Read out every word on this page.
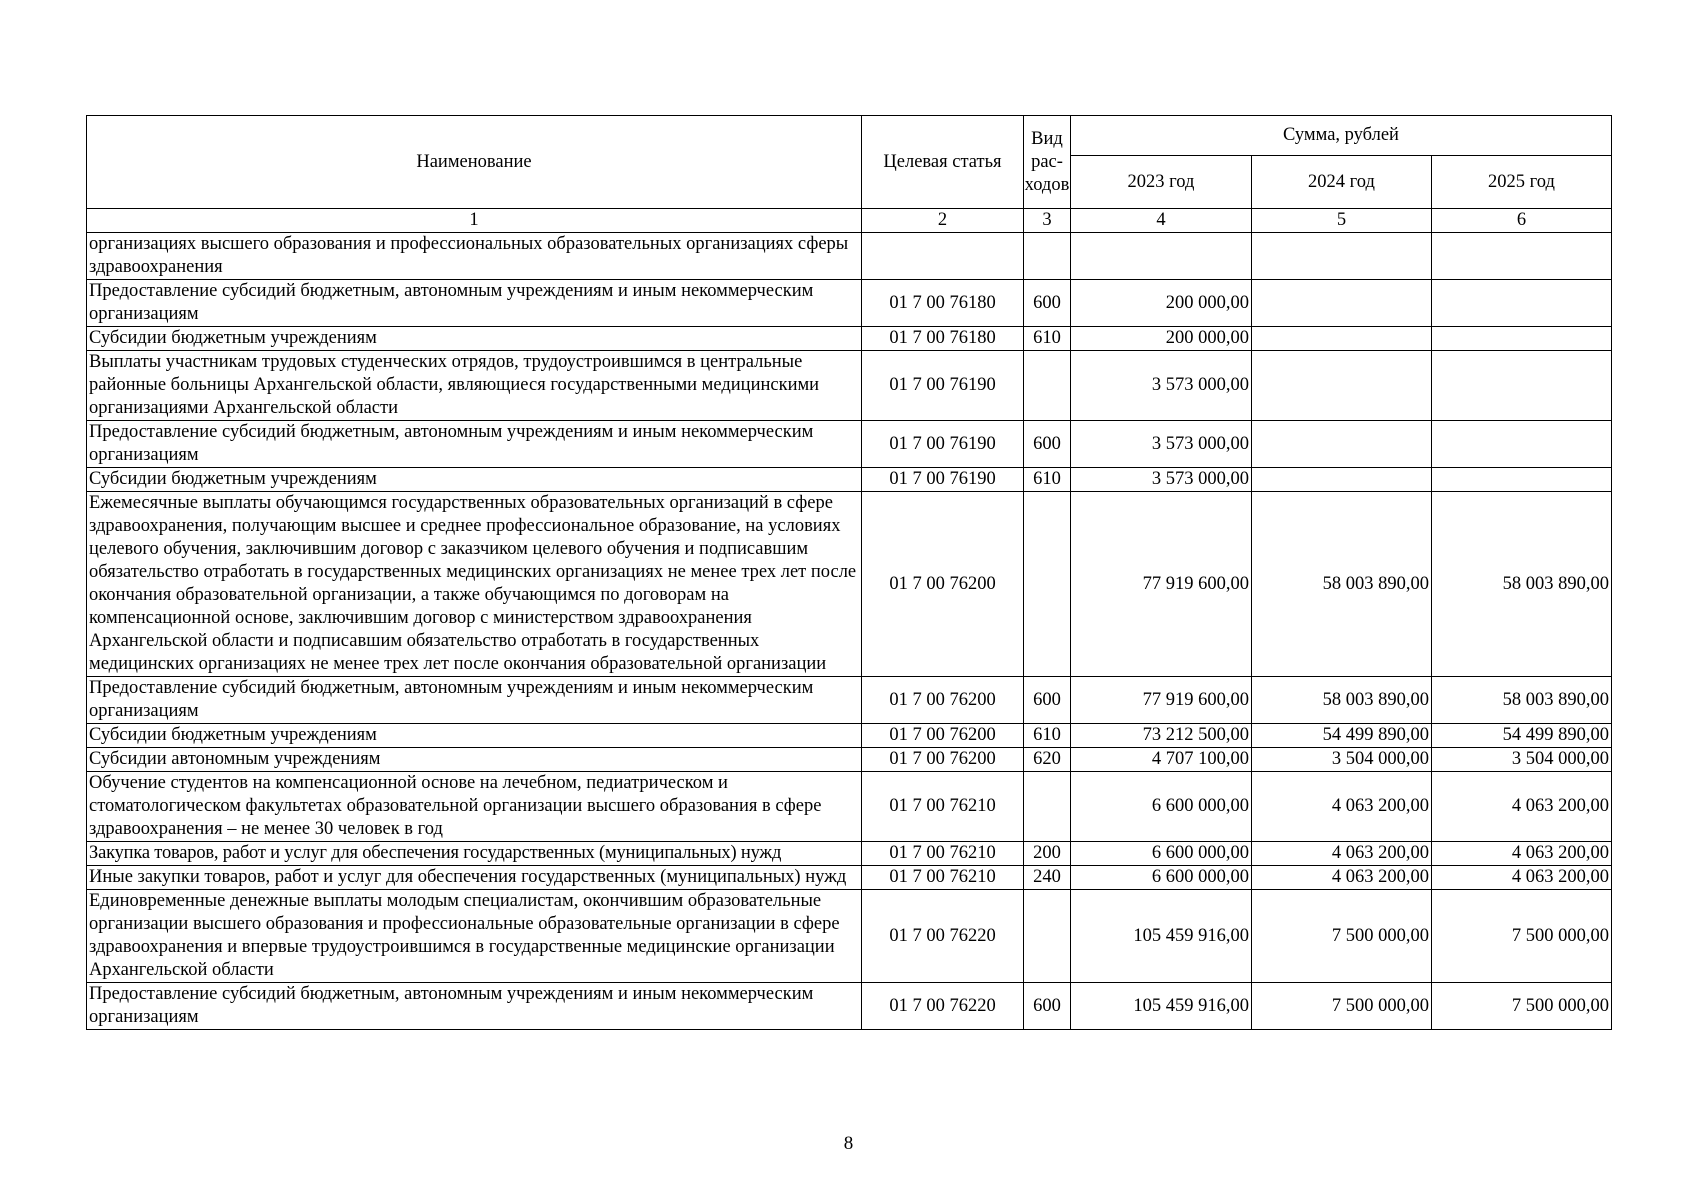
Наименование	Целевая статья	Вид рас-ходов	Сумма, рублей		
			2023 год	2024 год	2025 год
1	2	3	4	5	6
организациях высшего образования и профессиональных образовательных организациях сферы здравоохранения					
Предоставление субсидий бюджетным, автономным учреждениям и иным некоммерческим организациям	01 7 00 76180	600	200 000,00		
Субсидии бюджетным учреждениям	01 7 00 76180	610	200 000,00		
Выплаты участникам трудовых студенческих отрядов, трудоустроившимся в центральные районные больницы Архангельской области, являющиеся государственными медицинскими организациями Архангельской области	01 7 00 76190		3 573 000,00		
Предоставление субсидий бюджетным, автономным учреждениям и иным некоммерческим организациям	01 7 00 76190	600	3 573 000,00		
Субсидии бюджетным учреждениям	01 7 00 76190	610	3 573 000,00		
Ежемесячные выплаты обучающимся государственных образовательных организаций в сфере здравоохранения, получающим высшее и среднее профессиональное образование, на условиях целевого обучения, заключившим договор с заказчиком целевого обучения и подписавшим обязательство отработать в государственных медицинских организациях не менее трех лет после окончания образовательной организации, а также обучающимся по договорам на компенсационной основе, заключившим договор с министерством здравоохранения Архангельской области и подписавшим обязательство отработать в государственных медицинских организациях не менее трех лет после окончания образовательной организации	01 7 00 76200		77 919 600,00	58 003 890,00	58 003 890,00
Предоставление субсидий бюджетным, автономным учреждениям и иным некоммерческим организациям	01 7 00 76200	600	77 919 600,00	58 003 890,00	58 003 890,00
Субсидии бюджетным учреждениям	01 7 00 76200	610	73 212 500,00	54 499 890,00	54 499 890,00
Субсидии автономным учреждениям	01 7 00 76200	620	4 707 100,00	3 504 000,00	3 504 000,00
Обучение студентов на компенсационной основе на лечебном, педиатрическом и стоматологическом факультетах образовательной организации высшего образования в сфере здравоохранения – не менее 30 человек в год	01 7 00 76210		6 600 000,00	4 063 200,00	4 063 200,00
Закупка товаров, работ и услуг для обеспечения государственных (муниципальных) нужд	01 7 00 76210	200	6 600 000,00	4 063 200,00	4 063 200,00
Иные закупки товаров, работ и услуг для обеспечения государственных (муниципальных) нужд	01 7 00 76210	240	6 600 000,00	4 063 200,00	4 063 200,00
Единовременные денежные выплаты молодым специалистам, окончившим образовательные организации высшего образования и профессиональные образовательные организации в сфере здравоохранения и впервые трудоустроившимся в государственные медицинские организации Архангельской области	01 7 00 76220		105 459 916,00	7 500 000,00	7 500 000,00
Предоставление субсидий бюджетным, автономным учреждениям и иным некоммерческим организациям	01 7 00 76220	600	105 459 916,00	7 500 000,00	7 500 000,00
8
